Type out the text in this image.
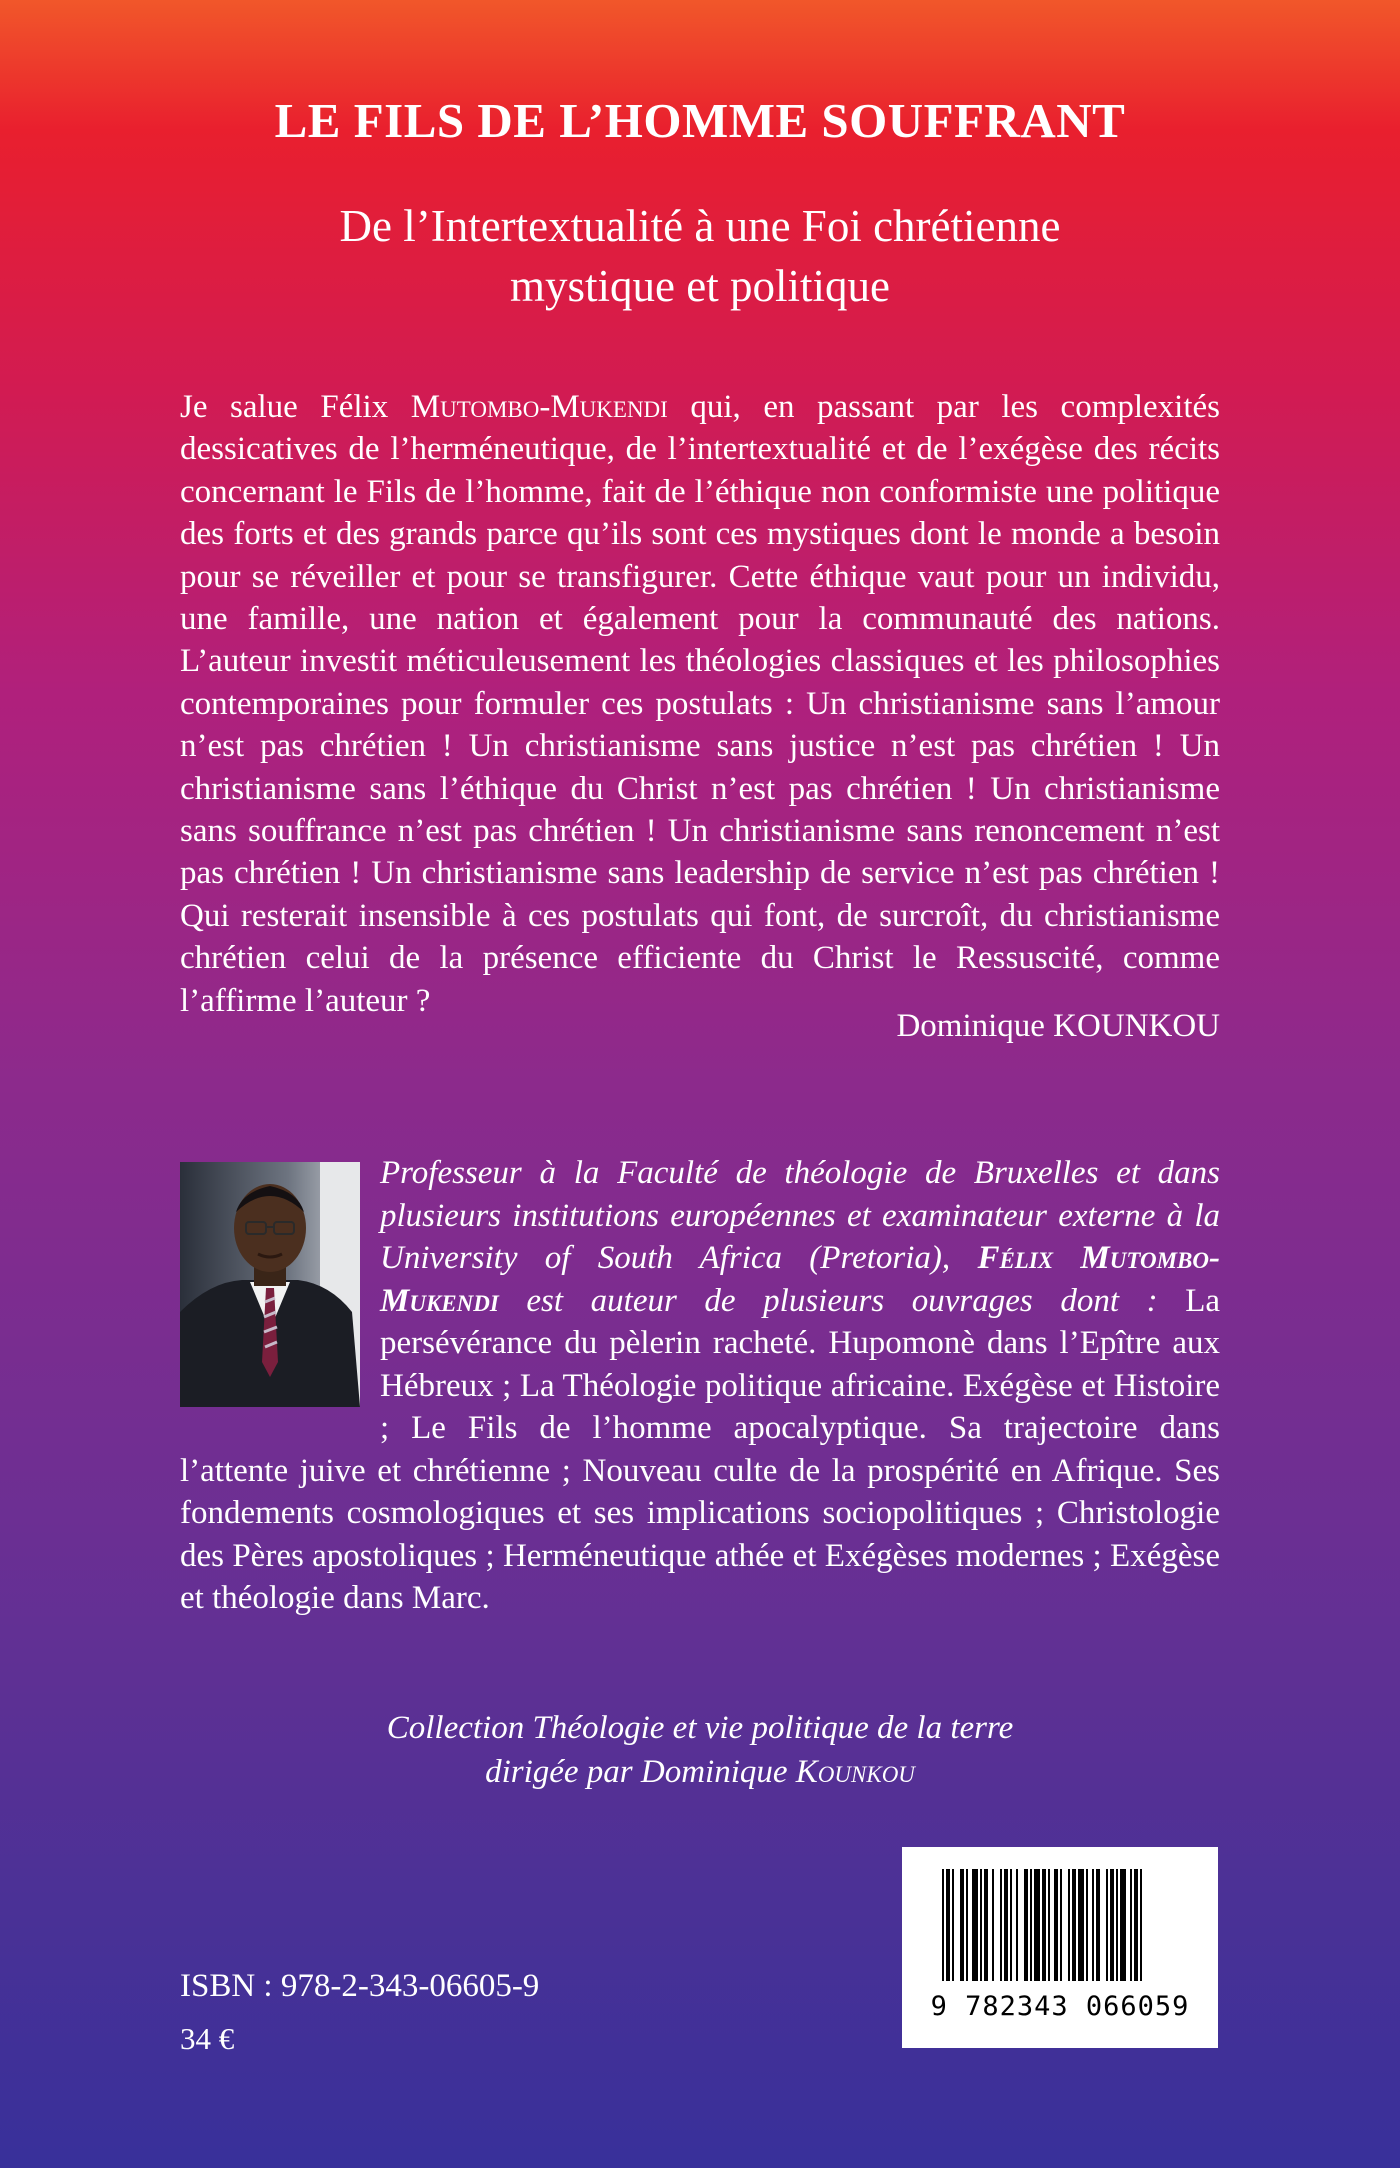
LE FILS DE L’HOMME SOUFFRANT
De l’Intertextualité à une Foi chrétienne
mystique et politique

Je salue Félix Mutombo-Mukendi qui, en passant par les complexités dessicatives de l’herméneutique, de l’intertextualité et de l’exégèse des récits concernant le Fils de l’homme, fait de l’éthique non conformiste une politique des forts et des grands parce qu’ils sont ces mystiques dont le monde a besoin pour se réveiller et pour se transfigurer. Cette éthique vaut pour un individu, une famille, une nation et également pour la communauté des nations. L’auteur investit méticuleusement les théologies classiques et les philosophies contemporaines pour formuler ces postulats : Un christianisme sans l’amour n’est pas chrétien ! Un christianisme sans justice n’est pas chrétien ! Un christianisme sans l’éthique du Christ n’est pas chrétien ! Un christianisme sans souffrance n’est pas chrétien ! Un christianisme sans renoncement n’est pas chrétien ! Un christianisme sans leadership de service n’est pas chrétien ! Qui resterait insensible à ces postulats qui font, de surcroît, du christianisme chrétien celui de la présence efficiente du Christ le Ressuscité, comme l’affirme l’auteur ?

Dominique KOUNKOU

Professeur à la Faculté de théologie de Bruxelles et dans plusieurs institutions européennes et examinateur externe à la University of South Africa (Pretoria), Félix Mutombo-Mukendi est auteur de plusieurs ouvrages dont : La persévérance du pèlerin racheté. Hupomonè dans l’Epître aux Hébreux ; La Théologie politique africaine. Exégèse et Histoire ; Le Fils de l’homme apocalyptique. Sa trajectoire dans l’attente juive et chrétienne ; Nouveau culte de la prospérité en Afrique. Ses fondements cosmologiques et ses implications sociopolitiques ; Christologie des Pères apostoliques ; Herméneutique athée et Exégèses modernes ; Exégèse et théologie dans Marc.

Collection Théologie et vie politique de la terre
dirigée par Dominique Kounkou
9 782343 066059
ISBN : 978-2-343-06605-9
34 €
